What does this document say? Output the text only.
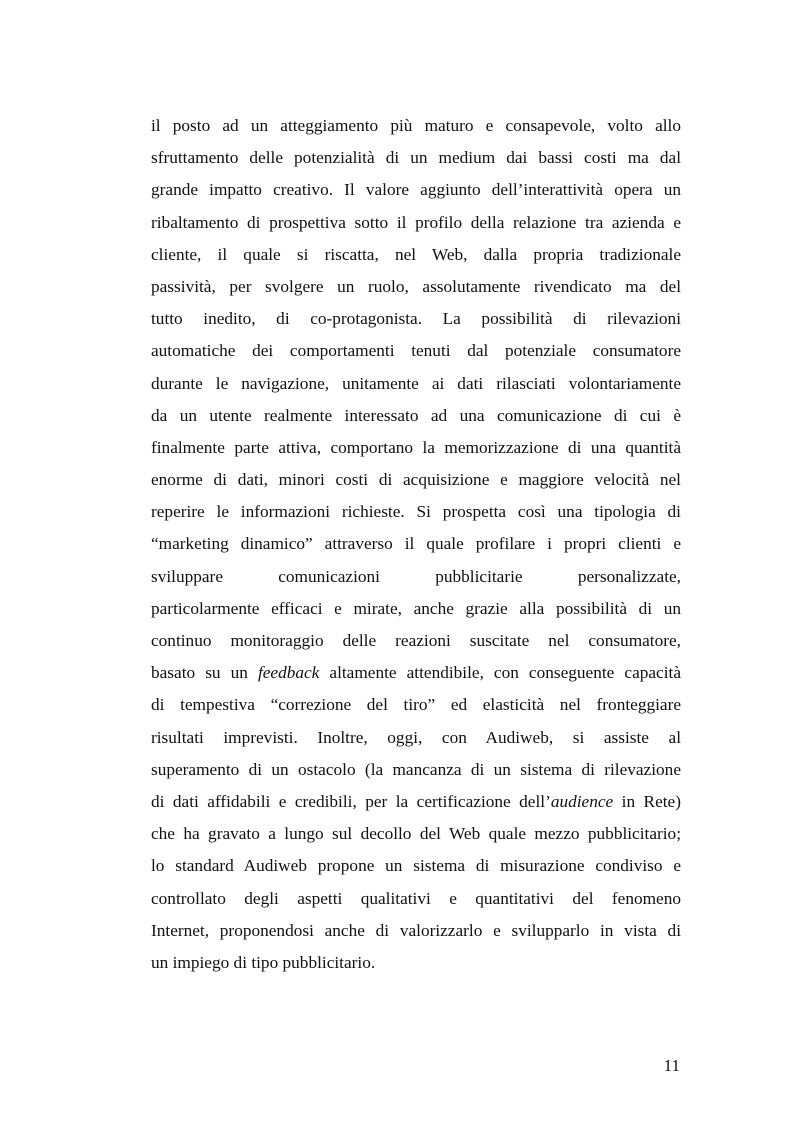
il posto ad un atteggiamento più maturo e consapevole, volto allo
sfruttamento delle potenzialità di un medium dai bassi costi ma dal
grande impatto creativo. Il valore aggiunto dell’interattività opera un
ribaltamento di prospettiva sotto il profilo della relazione tra azienda e
cliente, il quale si riscatta, nel Web, dalla propria tradizionale
passività, per svolgere un ruolo, assolutamente rivendicato ma del
tutto inedito, di co-protagonista. La possibilità di rilevazioni
automatiche dei comportamenti tenuti dal potenziale consumatore
durante le navigazione, unitamente ai dati rilasciati volontariamente
da un utente realmente interessato ad una comunicazione di cui è
finalmente parte attiva, comportano la memorizzazione di una quantità
enorme di dati, minori costi di acquisizione e maggiore velocità nel
reperire le informazioni richieste. Si prospetta così una tipologia di
“marketing dinamico” attraverso il quale profilare i propri clienti e
sviluppare comunicazioni pubblicitarie personalizzate,
particolarmente efficaci e mirate, anche grazie alla possibilità di un
continuo monitoraggio delle reazioni suscitate nel consumatore,
basato su un feedback altamente attendibile, con conseguente capacità
di tempestiva “correzione del tiro” ed elasticità nel fronteggiare
risultati imprevisti. Inoltre, oggi, con Audiweb, si assiste al
superamento di un ostacolo (la mancanza di un sistema di rilevazione
di dati affidabili e credibili, per la certificazione dell’audience in Rete)
che ha gravato a lungo sul decollo del Web quale mezzo pubblicitario;
lo standard Audiweb propone un sistema di misurazione condiviso e
controllato degli aspetti qualitativi e quantitativi del fenomeno
Internet, proponendosi anche di valorizzarlo e svilupparlo in vista di
un impiego di tipo pubblicitario.
11
